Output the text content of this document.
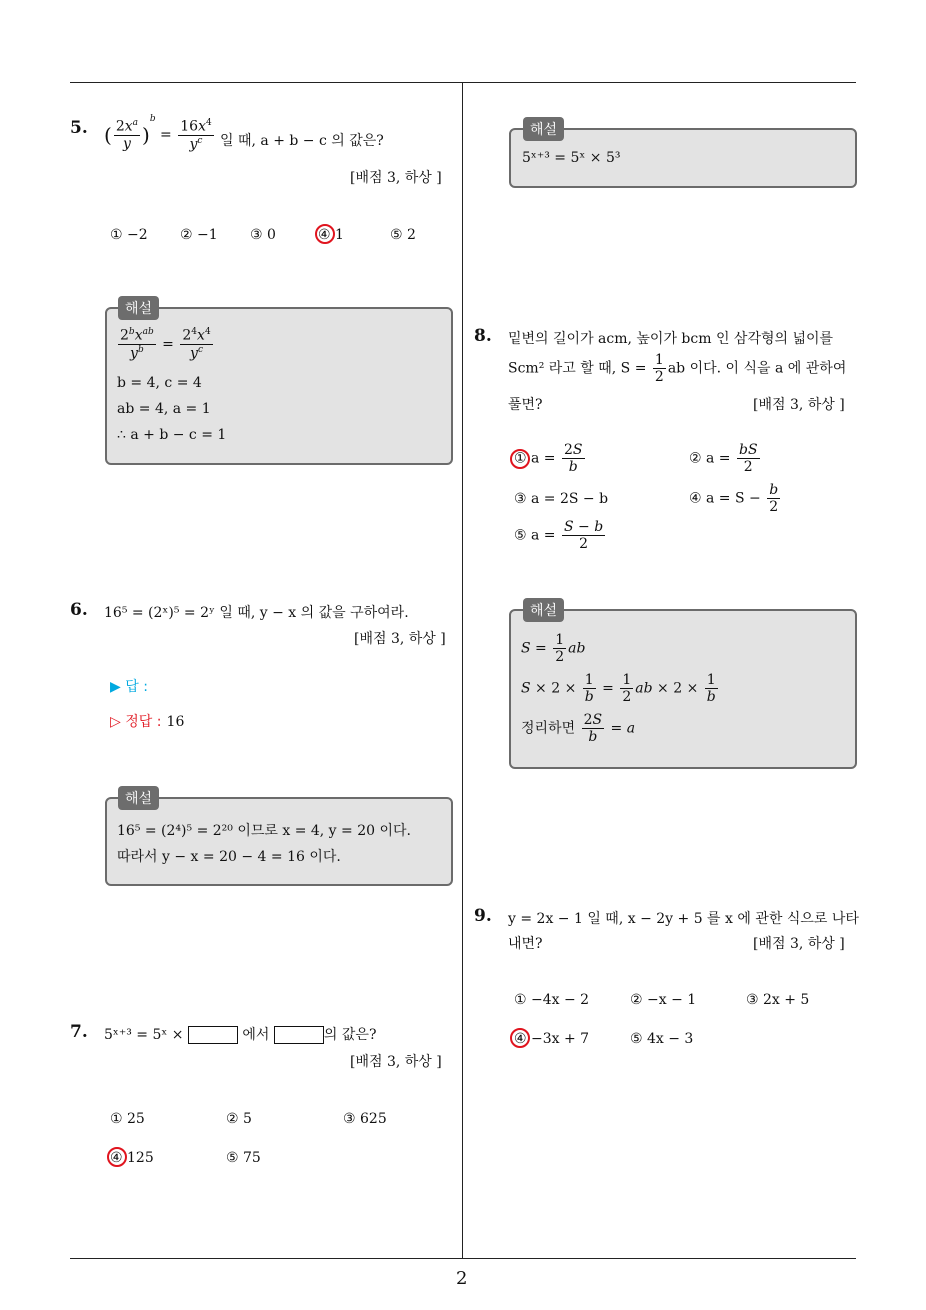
5. ( $\frac{2x^a}{y} )^b = \frac{16x^4}{y^c}$ 일 때, a + b − c 의 값은?
[배점 3, 하상 ]
① −2 ② −1 ③ 0	④ 1	⑤ 2
해설
$\frac{2^bx^{ab}}{y^b} = \frac{2^4x^4}{y^c}$
b = 4, c = 4
ab = 4, a = 1
∴ a + b − c = 1
6. 16⁵ = (2ˣ)⁵ = 2ʸ 일 때, y − x 의 값을 구하여라.
[배점 3, 하상 ]
▶ 답 :
▷ 정답 : 16
해설
16⁵ = (2⁴)⁵ = 2²⁰ 이므로 x = 4, y = 20 이다.
따라서 y − x = 20 − 4 = 16 이다.
7. 5ˣ⁺³ = 5ˣ ×	에서	의 값은?
[배점 3, 하상 ]
① 25	② 5	③ 625
④ 125	⑤ 75
해설
5ˣ⁺³ = 5ˣ × 5³
8. 밑변의 길이가 acm, 높이가 bcm 인 삼각형의 넓이를
Scm² 라고 할 때, $S = \frac{1}{2}$ ab 이다. 이 식을 a 에 관하여
풀면?	[배점 3, 하상 ]
① $a = \frac{2S}{b}$	② $a = \frac{bS}{2}$
③ a = 2S − b	④ $a = S - \frac{b}{2}$
⑤ $a = \frac{S - b}{2}$
해설
$S = \frac{1}{2}$ ab
$S \times 2 \times \frac{1}{b} = \frac{1}{2}$ ab × $2 \times \frac{1}{b}$
정리하면 $\frac{2S}{b} = a$
9. y = 2x − 1 일 때, x − 2y + 5 를 x 에 관한 식으로 나타
내면?	[배점 3, 하상 ]
① −4x − 2	② −x − 1	③ 2x + 5
④ −3x + 7	⑤ 4x − 3
2
